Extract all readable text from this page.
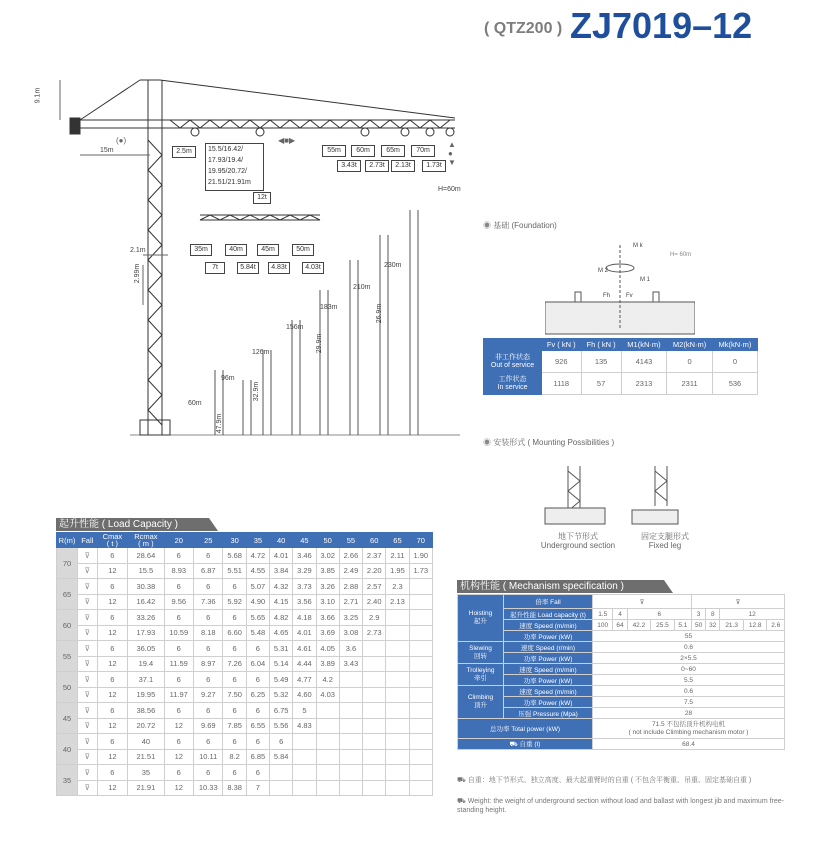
( QTZ200 ) ZJ7019–12
9.1m
15m	2.5m	15.5/16.42/
17.93/19.4/
19.95/20.72/
21.51/21.91m
◀■▶
(●)
12t
55m	60m	65m	70m
3.43t	2.73t	2.13t	1.73t
▲
●
▼
H=60m
35m	40m	45m	50m
7t	5.84t	4.83t	4.03t
2.1m
2.99m
60m
96m
126m
156m
183m
210m
230m
47.9m
32.9m
29.9m
26.9m
◉ 基础 (Foundation)
M k
M 2
M 1
Fh	Fv
H= 60m
	Fv ( kN )	Fh ( kN )	M1(kN·m)	M2(kN·m)	Mk(kN·m)
非工作状态
Out of service	926	135	4143	0	0
工作状态
In service	1118	57	2313	2311	536
◉ 安装形式 ( Mounting Possibilities )
地下节形式
Underground section
固定支腿形式
Fixed leg
起升性能 ( Load Capacity )
R(m)	Fall	Cmax
( t )	Rcmax
( m )	20	25	30	35	40	45	50	55	60	65	70
70	⊽	6	28.64	6	6	5.68	4.72	4.01	3.46	3.02	2.66	2.37	2.11	1.90
	⊽	12	15.5	8.93	6.87	5.51	4.55	3.84	3.29	3.85	2.49	2.20	1.95	1.73
65	⊽	6	30.38	6	6	6	5.07	4.32	3.73	3.26	2.88	2.57	2.3	
	⊽	12	16.42	9.56	7.36	5.92	4.90	4.15	3.56	3.10	2.71	2.40	2.13	
60	⊽	6	33.26	6	6	6	5.65	4.82	4.18	3.66	3.25	2.9		
	⊽	12	17.93	10.59	8.18	6.60	5.48	4.65	4.01	3.69	3.08	2.73		
55	⊽	6	36.05	6	6	6	6	5.31	4.61	4.05	3.6			
	⊽	12	19.4	11.59	8.97	7.26	6.04	5.14	4.44	3.89	3.43			
50	⊽	6	37.1	6	6	6	6	5.49	4.77	4.2				
	⊽	12	19.95	11.97	9.27	7.50	6.25	5.32	4.60	4.03				
45	⊽	6	38.56	6	6	6	6	6.75	5					
	⊽	12	20.72	12	9.69	7.85	6.55	5.56	4.83					
40	⊽	6	40	6	6	6	6	6						
	⊽	12	21.51	12	10.11	8.2	6.85	5.84						
35	⊽	6	35	6	6	6	6							
	⊽	12	21.91	12	10.33	8.38	7							
机构性能 ( Mechanism specification )
Hoisting
起升	倍率 Fall	⊽					⊽				
	起升性能 Load capacity (t)	1.5	4	6			3	8	12		
	速度 Speed (m/min)	100	64	42.2	25.5	5.1	50	32	21.3	12.8	2.6
	功率 Power (kW)	55									
Slewing
回转	速度 Speed (r/min)	0.6									
	功率 Power (kW)	2×5.5									
Trolleying
牵引	速度 Speed (m/min)	0~60									
	功率 Power (kW)	5.5									
Climbing
顶升	速度 Speed (m/min)	0.6									
	功率 Power (kW)	7.5									
	压强 Pressure (Mpa)	28									
总功率 Total power (kW)		71.5 不包括顶升机构电机
( not include Climbing mechanism motor )									
⛟ 自重 (t)		68.4									
⛟ 自重：地下节形式、独立高度、最大起重臂时的自重 ( 不包含平衡重、吊重、固定基础自重 )
⛟ Weight: the weight of underground section without load and ballast with longest jib and maximum free-standing height.
